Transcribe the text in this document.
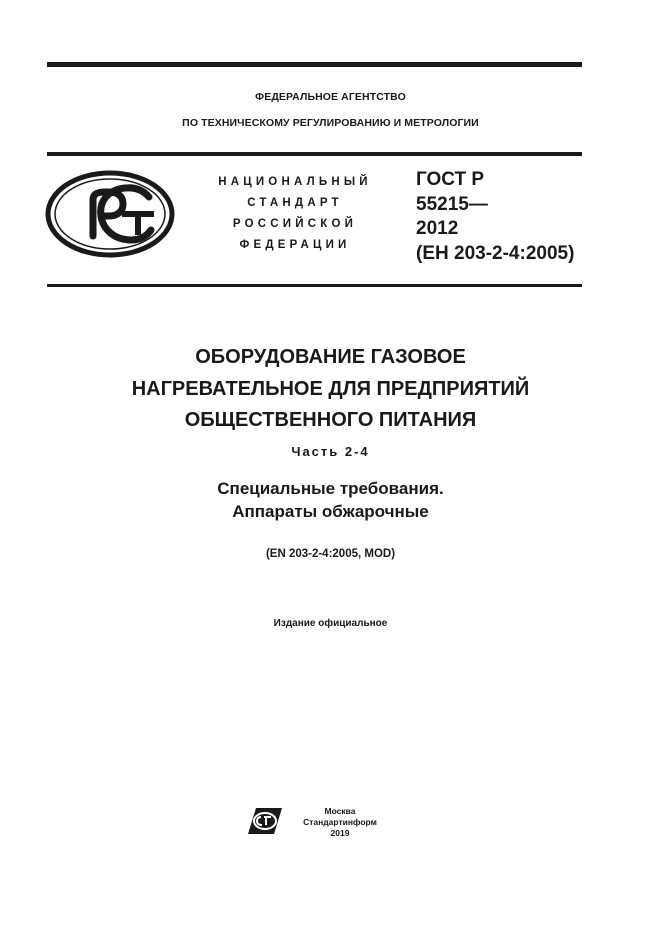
ФЕДЕРАЛЬНОЕ АГЕНТСТВО
ПО ТЕХНИЧЕСКОМУ РЕГУЛИРОВАНИЮ И МЕТРОЛОГИИ
НАЦИОНАЛЬНЫЙ
СТАНДАРТ
РОССИЙСКОЙ
ФЕДЕРАЦИИ
ГОСТ Р
55215—
2012
(ЕН 203-2-4:2005)
ОБОРУДОВАНИЕ ГАЗОВОЕ
НАГРЕВАТЕЛЬНОЕ ДЛЯ ПРЕДПРИЯТИЙ
ОБЩЕСТВЕННОГО ПИТАНИЯ
Часть 2-4
Специальные требования.
Аппараты обжарочные
(EN 203-2-4:2005, MOD)
Издание официальное
Москва
Стандартинформ
2019
